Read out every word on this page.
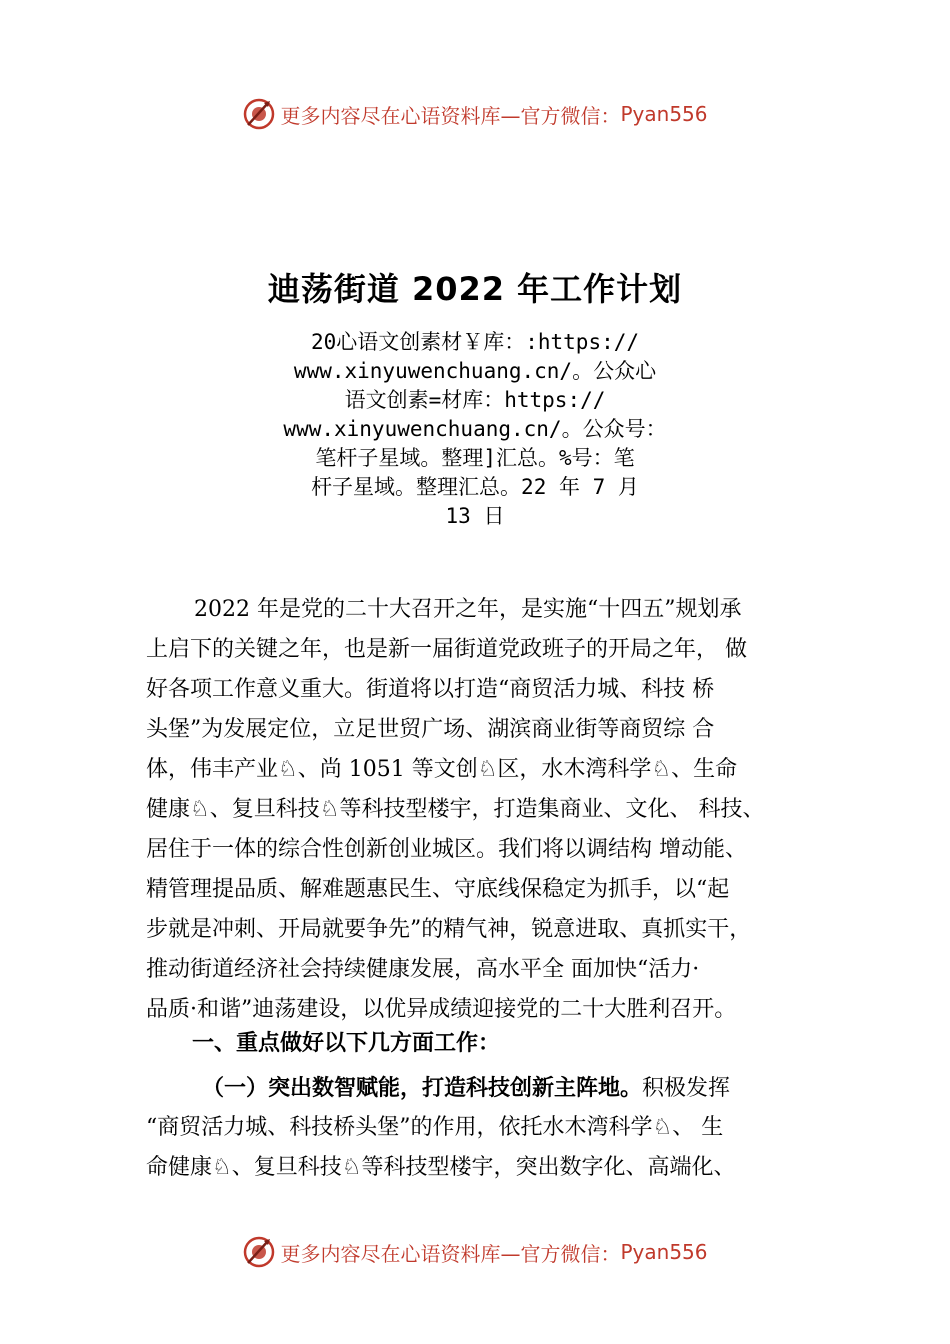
更多内容尽在心语资料库—官方微信： Pyan556
迪荡街道 2022 年工作计划
20心语文创素材￥库：:https://
www.xinyuwenchuang.cn/。公众心
语文创素=材库：https://
www.xinyuwenchuang.cn/。公众号：
笔杆子星域。整理]汇总。%号：笔
杆子星域。整理汇总。22 年 7 月
13 日
2022 年是党的二十大召开之年，是实施“十四五”规划承
上启下的关键之年，也是新一届街道党政班子的开局之年， 做
好各项工作意义重大。街道将以打造“商贸活力城、科技 桥
头堡”为发展定位，立足世贸广场、湖滨商业街等商贸综 合
体，伟丰产业♘、尚 1051 等文创♘区，水木湾科学♘、生命
健康♘、复旦科技♘等科技型楼宇，打造集商业、文化、 科技、
居住于一体的综合性创新创业城区。我们将以调结构 增动能、
精管理提品质、解难题惠民生、守底线保稳定为抓手，以“起
步就是冲刺、开局就要争先”的精气神，锐意进取、真抓实干，
推动街道经济社会持续健康发展，高水平全 面加快“活力·
品质·和谐”迪荡建设，以优异成绩迎接党的二十大胜利召开。
一、重点做好以下几方面工作：
（一）突出数智赋能，打造科技创新主阵地。积极发挥
“商贸活力城、科技桥头堡”的作用，依托水木湾科学♘、 生
命健康♘、复旦科技♘等科技型楼宇，突出数字化、高端化、
更多内容尽在心语资料库—官方微信： Pyan556
